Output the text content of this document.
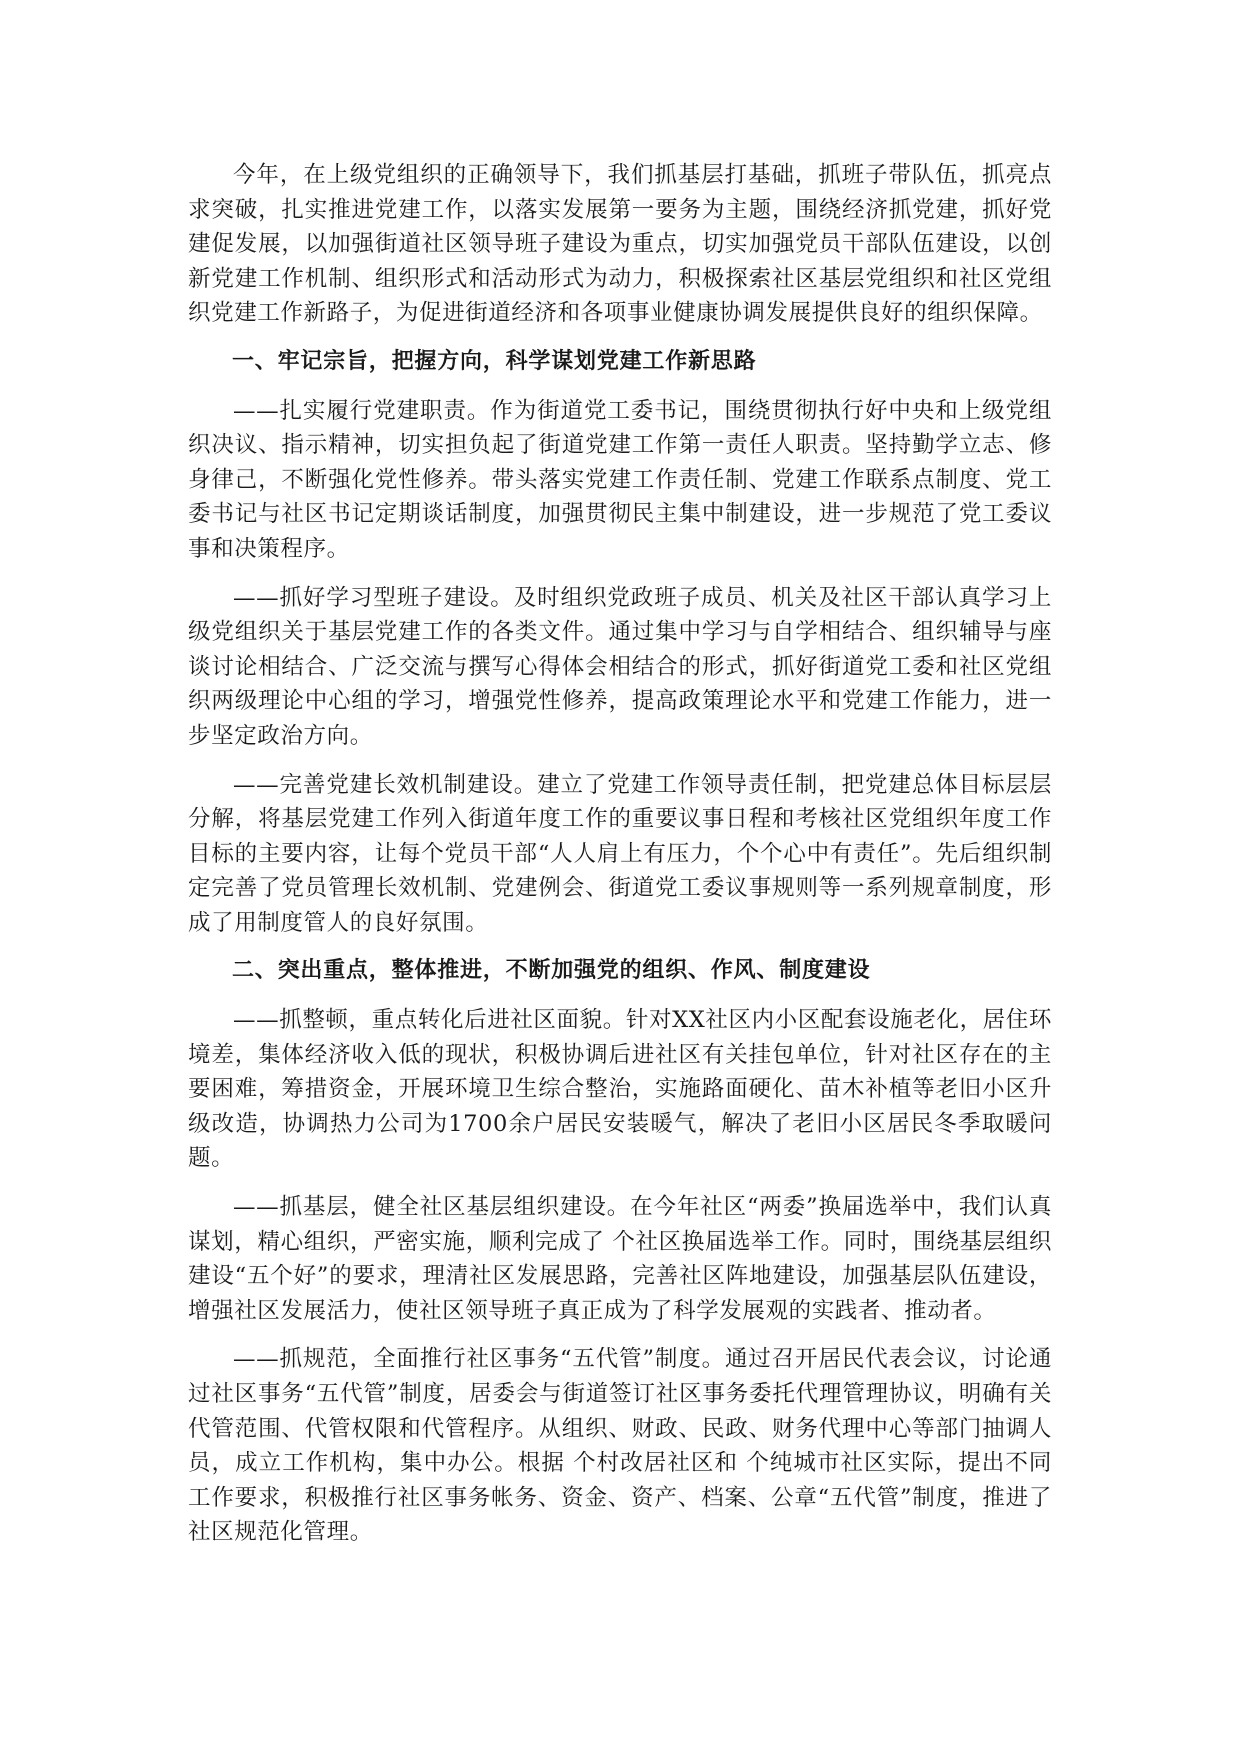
今年，在上级党组织的正确领导下，我们抓基层打基础，抓班子带队伍，抓亮点求突破，扎实推进党建工作，以落实发展第一要务为主题，围绕经济抓党建，抓好党建促发展，以加强街道社区领导班子建设为重点，切实加强党员干部队伍建设，以创新党建工作机制、组织形式和活动形式为动力，积极探索社区基层党组织和社区党组织党建工作新路子，为促进街道经济和各项事业健康协调发展提供良好的组织保障。

一、牢记宗旨，把握方向，科学谋划党建工作新思路

——扎实履行党建职责。作为街道党工委书记，围绕贯彻执行好中央和上级党组织决议、指示精神，切实担负起了街道党建工作第一责任人职责。坚持勤学立志、修身律己，不断强化党性修养。带头落实党建工作责任制、党建工作联系点制度、党工委书记与社区书记定期谈话制度，加强贯彻民主集中制建设，进一步规范了党工委议事和决策程序。

——抓好学习型班子建设。及时组织党政班子成员、机关及社区干部认真学习上级党组织关于基层党建工作的各类文件。通过集中学习与自学相结合、组织辅导与座谈讨论相结合、广泛交流与撰写心得体会相结合的形式，抓好街道党工委和社区党组织两级理论中心组的学习，增强党性修养，提高政策理论水平和党建工作能力，进一步坚定政治方向。

——完善党建长效机制建设。建立了党建工作领导责任制，把党建总体目标层层分解，将基层党建工作列入街道年度工作的重要议事日程和考核社区党组织年度工作目标的主要内容，让每个党员干部“人人肩上有压力，个个心中有责任”。先后组织制定完善了党员管理长效机制、党建例会、街道党工委议事规则等一系列规章制度，形成了用制度管人的良好氛围。

二、突出重点，整体推进，不断加强党的组织、作风、制度建设

——抓整顿，重点转化后进社区面貌。针对XX社区内小区配套设施老化，居住环境差，集体经济收入低的现状，积极协调后进社区有关挂包单位，针对社区存在的主要困难，筹措资金，开展环境卫生综合整治，实施路面硬化、苗木补植等老旧小区升级改造，协调热力公司为1700余户居民安装暖气，解决了老旧小区居民冬季取暖问题。

——抓基层，健全社区基层组织建设。在今年社区“两委”换届选举中，我们认真谋划，精心组织，严密实施，顺利完成了 个社区换届选举工作。同时，围绕基层组织建设“五个好”的要求，理清社区发展思路，完善社区阵地建设，加强基层队伍建设，增强社区发展活力，使社区领导班子真正成为了科学发展观的实践者、推动者。

——抓规范，全面推行社区事务“五代管”制度。通过召开居民代表会议，讨论通过社区事务“五代管”制度，居委会与街道签订社区事务委托代理管理协议，明确有关代管范围、代管权限和代管程序。从组织、财政、民政、财务代理中心等部门抽调人员，成立工作机构，集中办公。根据 个村改居社区和 个纯城市社区实际，提出不同工作要求，积极推行社区事务帐务、资金、资产、档案、公章“五代管”制度，推进了社区规范化管理。
